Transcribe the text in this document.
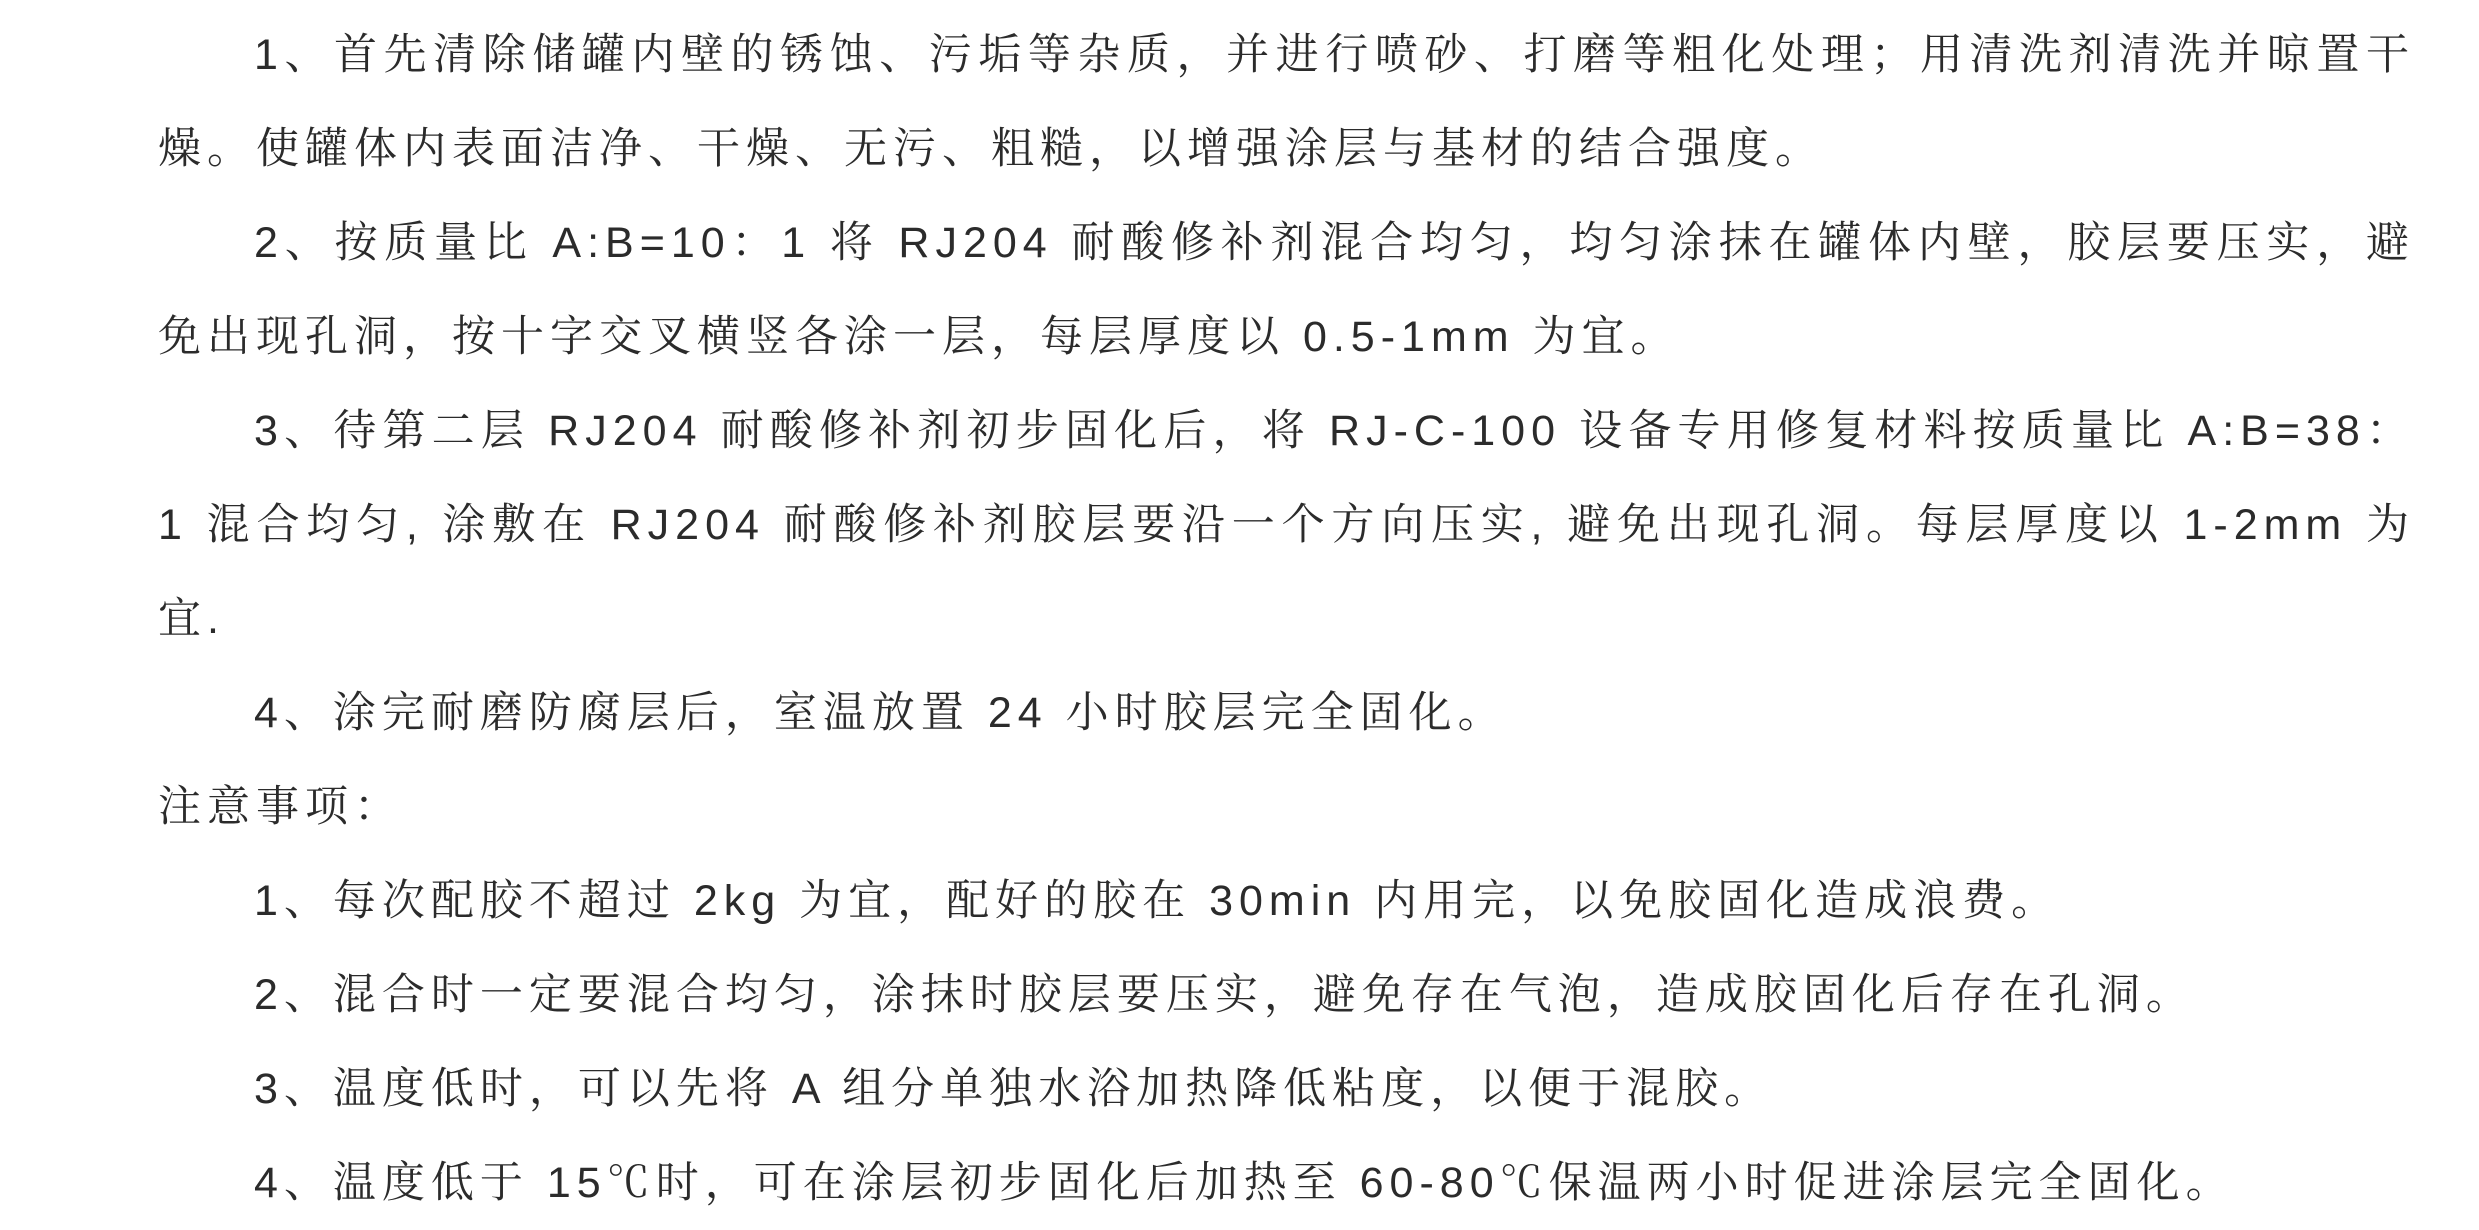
1、首先清除储罐内壁的锈蚀、污垢等杂质，并进行喷砂、打磨等粗化处理；用清洗剂清洗并晾置干燥。使罐体内表面洁净、干燥、无污、粗糙，以增强涂层与基材的结合强度。

2、按质量比 A:B=10：1 将 RJ204 耐酸修补剂混合均匀，均匀涂抹在罐体内壁，胶层要压实，避免出现孔洞，按十字交叉横竖各涂一层，每层厚度以 0.5-1mm 为宜。

3、待第二层 RJ204 耐酸修补剂初步固化后，将 RJ-C-100 设备专用修复材料按质量比 A:B=38：1 混合均匀, 涂敷在 RJ204 耐酸修补剂胶层要沿一个方向压实, 避免出现孔洞。每层厚度以 1-2mm 为宜.

4、涂完耐磨防腐层后，室温放置 24 小时胶层完全固化。

注意事项：

1、每次配胶不超过 2kg 为宜，配好的胶在 30min 内用完，以免胶固化造成浪费。

2、混合时一定要混合均匀，涂抹时胶层要压实，避免存在气泡，造成胶固化后存在孔洞。

3、温度低时，可以先将 A 组分单独水浴加热降低粘度，以便于混胶。

4、温度低于 15℃时，可在涂层初步固化后加热至 60-80℃保温两小时促进涂层完全固化。
